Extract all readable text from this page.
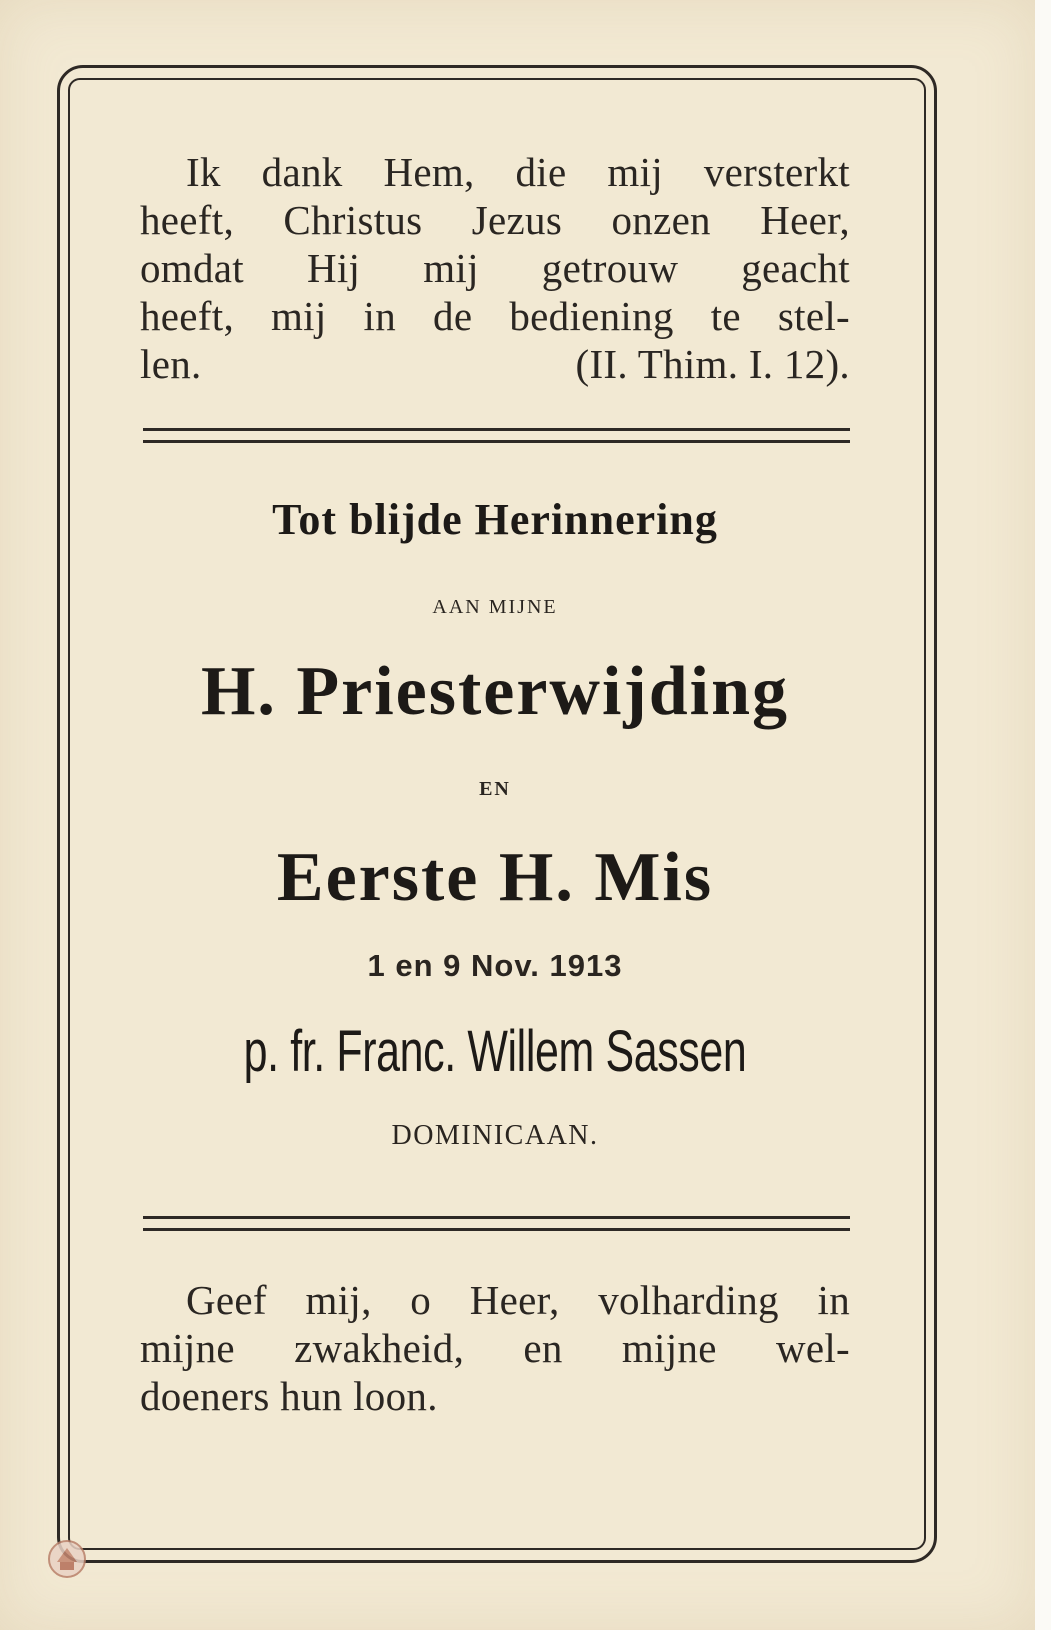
Ik dank Hem, die mij versterkt

heeft, Christus Jezus onzen Heer,

omdat Hij mij getrouw geacht

heeft, mij in de bediening te stel-

len.	(II. Thim. I. 12).
Tot blijde Herinnering
AAN MIJNE
H. Priesterwijding
EN
Eerste H. Mis
1 en 9 Nov. 1913
p. fr. Franc. Willem Sassen
DOMINICAAN.

Geef mij, o Heer, volharding in

mijne zwakheid, en mijne wel-

doeners hun loon.
